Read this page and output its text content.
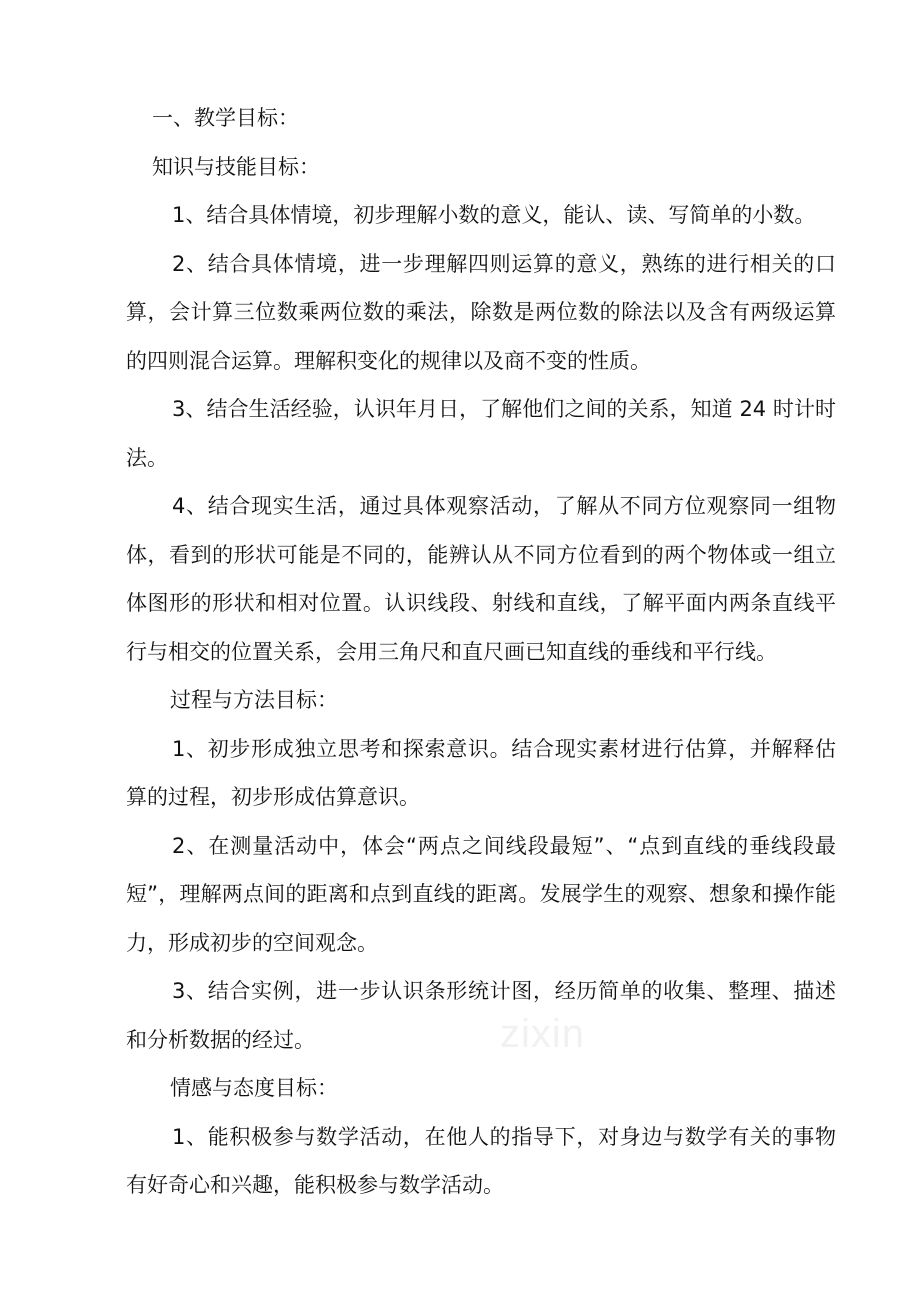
一、教学目标：

知识与技能目标：

1、结合具体情境，初步理解小数的意义，能认、读、写简单的小数。

2、结合具体情境，进一步理解四则运算的意义，熟练的进行相关的口算，会计算三位数乘两位数的乘法，除数是两位数的除法以及含有两级运算的四则混合运算。理解积变化的规律以及商不变的性质。

3、结合生活经验，认识年月日，了解他们之间的关系，知道 24 时计时法。

4、结合现实生活，通过具体观察活动，了解从不同方位观察同一组物体，看到的形状可能是不同的，能辨认从不同方位看到的两个物体或一组立体图形的形状和相对位置。认识线段、射线和直线，了解平面内两条直线平行与相交的位置关系，会用三角尺和直尺画已知直线的垂线和平行线。

过程与方法目标：

1、初步形成独立思考和探索意识。结合现实素材进行估算，并解释估算的过程，初步形成估算意识。

2、在测量活动中，体会“两点之间线段最短”、“点到直线的垂线段最短”，理解两点间的距离和点到直线的距离。发展学生的观察、想象和操作能力，形成初步的空间观念。

3、结合实例，进一步认识条形统计图，经历简单的收集、整理、描述和分析数据的经过。

情感与态度目标：

1、能积极参与数学活动，在他人的指导下，对身边与数学有关的事物有好奇心和兴趣，能积极参与数学活动。

zixin
